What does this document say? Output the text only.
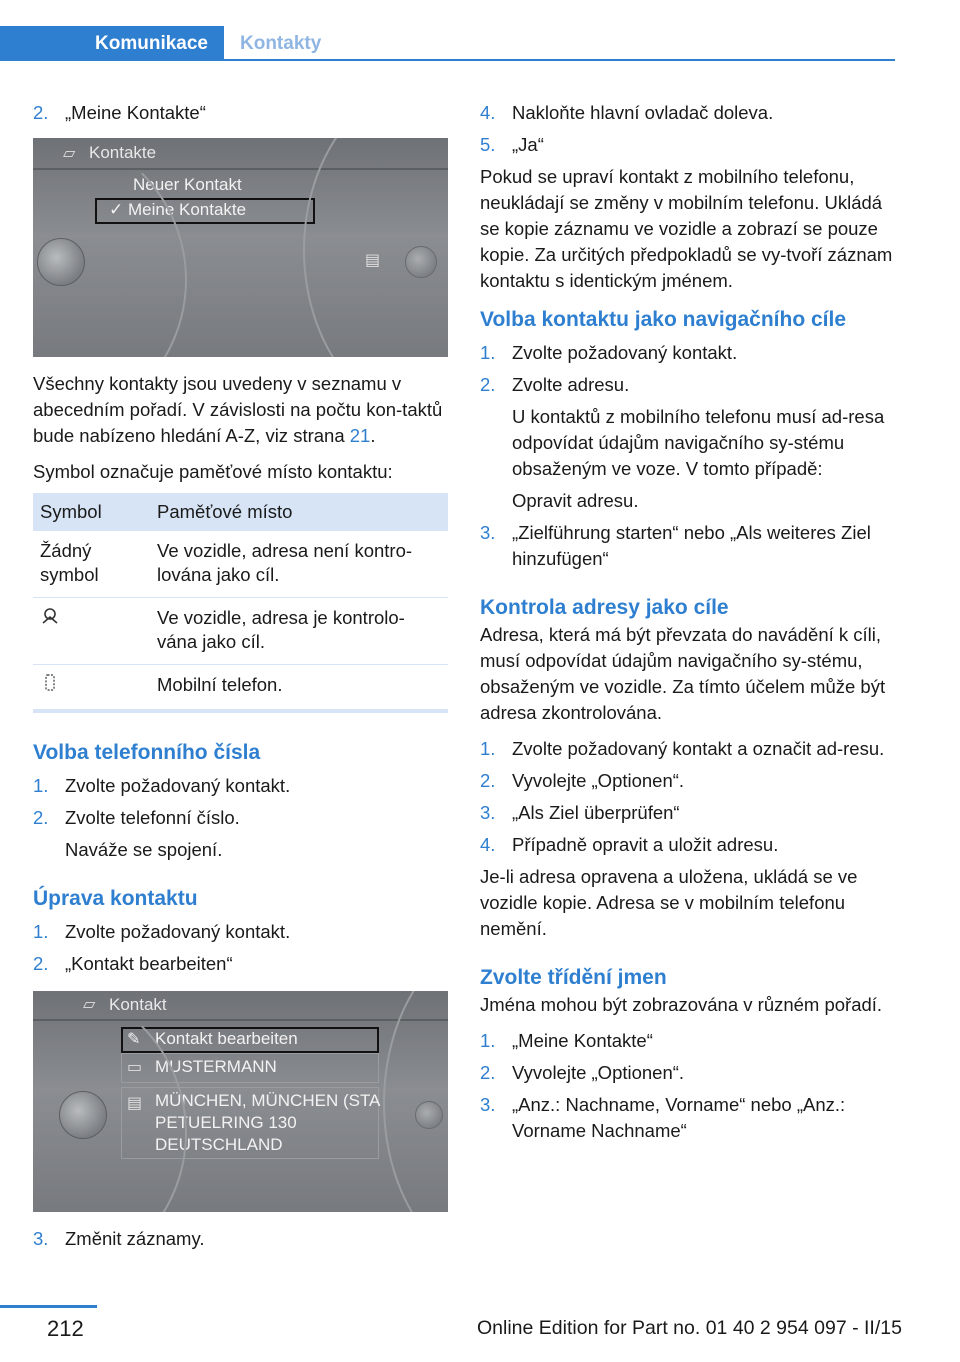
Komunikace	Kontakty
2. „Meine Kontakte“
▱ Kontakte
Neuer Kontakt
✓ Meine Kontakte
▤

Všechny kontakty jsou uvedeny v seznamu v abecedním pořadí. V závislosti na počtu kon‐taktů bude nabízeno hledání A-Z, viz strana 21.

Symbol označuje paměťové místo kontaktu:

Symbol	Paměťové místo
Žádný symbol	Ve vozidle, adresa není kontro‐lována jako cíl.
	Ve vozidle, adresa je kontrolo‐vána jako cíl.
	Mobilní telefon.
Volba telefonního čísla
1. Zvolte požadovaný kontakt.
2. Zvolte telefonní číslo.
Naváže se spojení.
Úprava kontaktu
1. Zvolte požadovaný kontakt.
2. „Kontakt bearbeiten“
▱ Kontakt
✎ Kontakt bearbeiten
▭ MUSTERMANN
▤ MÜNCHEN, MÜNCHEN (STA
PETUELRING 130
DEUTSCHLAND
3. Změnit záznamy.
4. Nakloňte hlavní ovladač doleva.
5. „Ja“

Pokud se upraví kontakt z mobilního telefonu, neukládají se změny v mobilním telefonu. Ukládá se kopie záznamu ve vozidle a zobrazí se pouze kopie. Za určitých předpokladů se vy‐tvoří záznam kontaktu s identickým jménem.

Volba kontaktu jako navigačního cíle
1. Zvolte požadovaný kontakt.
2. Zvolte adresu.
U kontaktů z mobilního telefonu musí ad‐resa odpovídat údajům navigačního sy‐stému obsaženým ve voze. V tomto případě:
Opravit adresu.
3. „Zielführung starten“ nebo „Als weiteres Ziel hinzufügen“
Kontrola adresy jako cíle

Adresa, která má být převzata do navádění k cíli, musí odpovídat údajům navigačního sy‐stému, obsaženým ve vozidle. Za tímto účelem může být adresa zkontrolována.

1. Zvolte požadovaný kontakt a označit ad‐resu.
2. Vyvolejte „Optionen“.
3. „Als Ziel überprüfen“
4. Případně opravit a uložit adresu.

Je-li adresa opravena a uložena, ukládá se ve vozidle kopie. Adresa se v mobilním telefonu nemění.

Zvolte třídění jmen

Jména mohou být zobrazována v různém pořadí.

1. „Meine Kontakte“
2. Vyvolejte „Optionen“.
3. „Anz.: Nachname, Vorname“ nebo „Anz.: Vorname Nachname“
212	Online Edition for Part no. 01 40 2 954 097 - II/15
